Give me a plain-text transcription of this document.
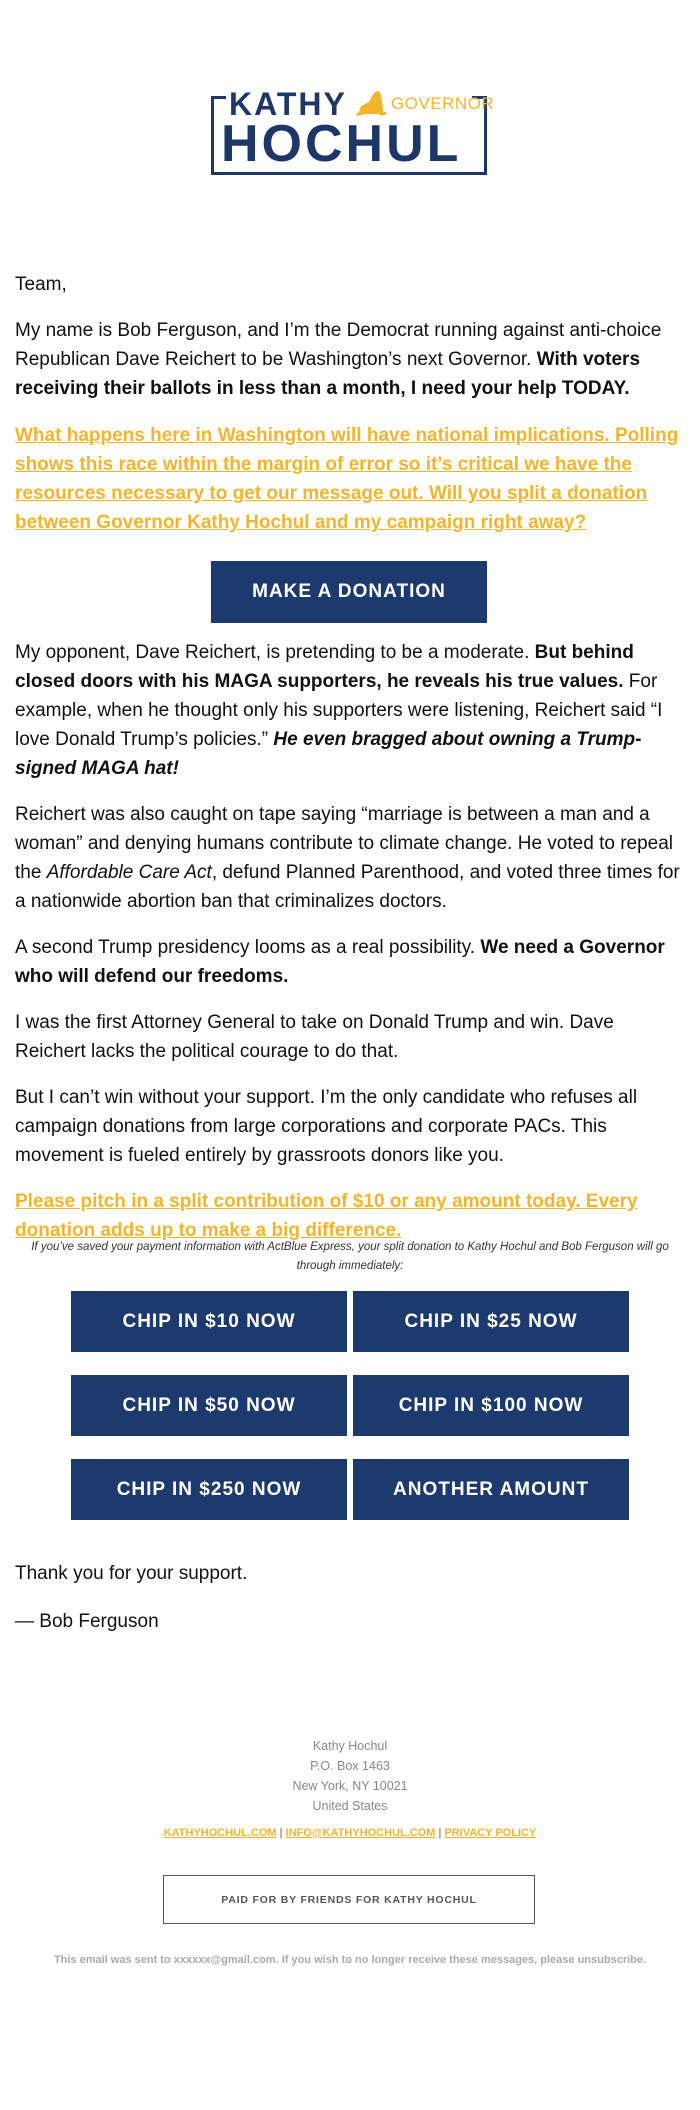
KATHY	GOVERNOR
HOCHUL

Team,

My name is Bob Ferguson, and I’m the Democrat running against anti-choice Republican Dave Reichert to be Washington’s next Governor. With voters receiving their ballots in less than a month, I need your help TODAY.

What happens here in Washington will have national implications. Polling shows this race within the margin of error so it’s critical we have the resources necessary to get our message out. Will you split a donation between Governor Kathy Hochul and my campaign right away?

MAKE A DONATION

My opponent, Dave Reichert, is pretending to be a moderate. But behind closed doors with his MAGA supporters, he reveals his true values. For example, when he thought only his supporters were listening, Reichert said “I love Donald Trump’s policies.” He even bragged about owning a Trump-signed MAGA hat!

Reichert was also caught on tape saying “marriage is between a man and a woman” and denying humans contribute to climate change. He voted to repeal the Affordable Care Act, defund Planned Parenthood, and voted three times for a nationwide abortion ban that criminalizes doctors.

A second Trump presidency looms as a real possibility. We need a Governor who will defend our freedoms.

I was the first Attorney General to take on Donald Trump and win. Dave Reichert lacks the political courage to do that.

But I can’t win without your support. I’m the only candidate who refuses all campaign donations from large corporations and corporate PACs. This movement is fueled entirely by grassroots donors like you.

Please pitch in a split contribution of $10 or any amount today. Every donation adds up to make a big difference.

If you’ve saved your payment information with ActBlue Express, your split donation to Kathy Hochul and Bob Ferguson will go through immediately:

CHIP IN $10 NOW	CHIP IN $25 NOW
CHIP IN $50 NOW	CHIP IN $100 NOW
CHIP IN $250 NOW	ANOTHER AMOUNT

Thank you for your support.

— Bob Ferguson

Kathy Hochul
P.O. Box 1463
New York, NY 10021
United States
KATHYHOCHUL.COM | INFO@KATHYHOCHUL.COM | PRIVACY POLICY
PAID FOR BY FRIENDS FOR KATHY HOCHUL

This email was sent to xxxxxx@gmail.com. If you wish to no longer receive these messages, please unsubscribe.
